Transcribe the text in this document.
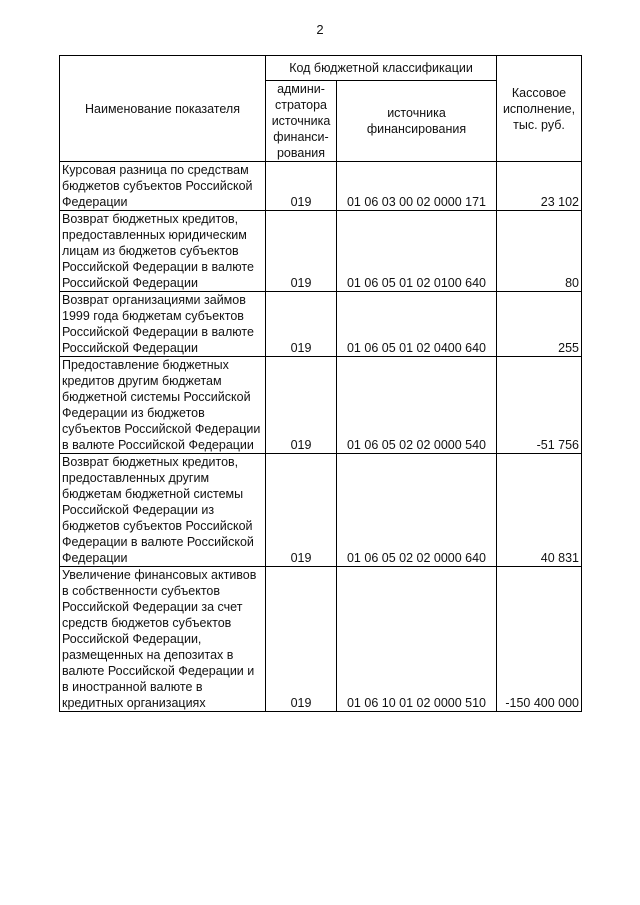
2
Наименование показателя	Код бюджетной классификации		Кассовое исполнение, тыс. руб.
	админи-стратора источника финанси-рования	источника финансирования	
Курсовая разница по средствам бюджетов субъектов Российской Федерации	019	01 06 03 00 02 0000 171	23 102
Возврат бюджетных кредитов, предоставленных юридическим лицам из бюджетов субъектов Российской Федерации в валюте Российской Федерации	019	01 06 05 01 02 0100 640	80
Возврат организациями займов 1999 года бюджетам субъектов Российской Федерации в валюте Российской Федерации	019	01 06 05 01 02 0400 640	255
Предоставление бюджетных кредитов другим бюджетам бюджетной системы Российской Федерации из бюджетов субъектов Российской Федерации в валюте Российской Федерации	019	01 06 05 02 02 0000 540	-51 756
Возврат бюджетных кредитов, предоставленных другим бюджетам бюджетной системы Российской Федерации из бюджетов субъектов Российской Федерации в валюте Российской Федерации	019	01 06 05 02 02 0000 640	40 831
Увеличение финансовых активов в собственности субъектов Российской Федерации за счет средств бюджетов субъектов Российской Федерации, размещенных на депозитах в валюте Российской Федерации и в иностранной валюте в кредитных организациях	019	01 06 10 01 02 0000 510	-150 400 000
